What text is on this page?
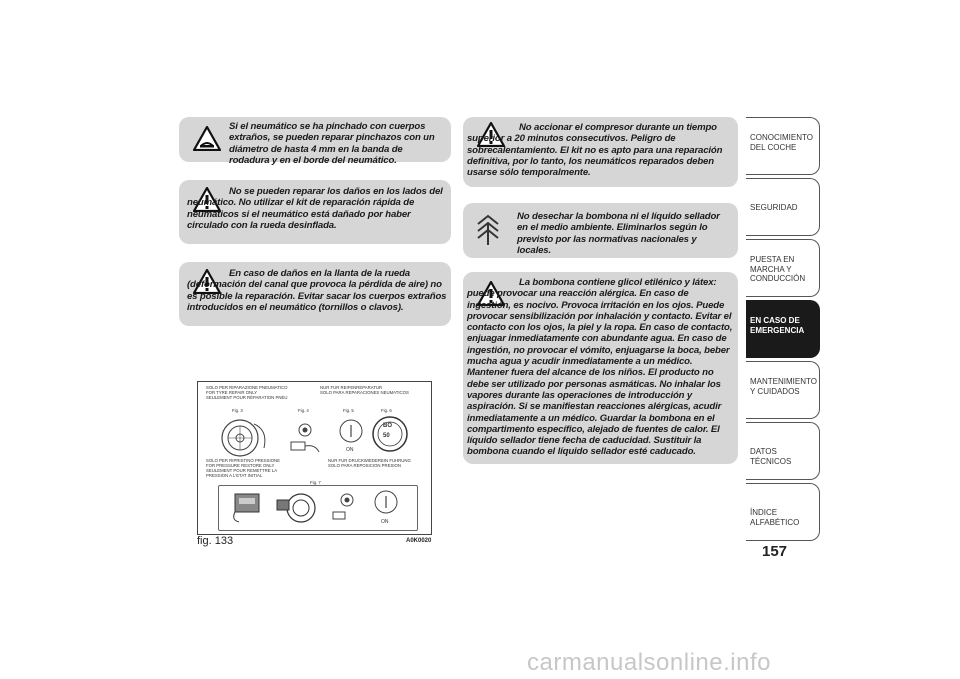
Si el neumático se ha pinchado con cuerpos extraños, se pueden reparar pinchazos con un diámetro de hasta 4 mm en la banda de rodadura y en el borde del neumático.

No se pueden reparar los daños en los lados del neumático. No utilizar el kit de reparación rápida de neumáticos si el neumático está dañado por haber circulado con la rueda desinflada.

En caso de daños en la llanta de la rueda (deformación del canal que provoca la pérdida de aire) no es posible la reparación. Evitar sacar los cuerpos extraños introducidos en el neumático (tornillos o clavos).

No accionar el compresor durante un tiempo superior a 20 minutos consecutivos. Peligro de sobrecalentamiento. El kit no es apto para una reparación definitiva, por lo tanto, los neumáticos reparados deben usarse sólo temporalmente.

No desechar la bombona ni el líquido sellador en el medio ambiente. Eliminarlos según lo previsto por las normativas nacionales y locales.

La bombona contiene glicol etilénico y látex: puede provocar una reacción alérgica. En caso de ingestión, es nocivo. Provoca irritación en los ojos. Puede provocar sensibilización por inhalación y contacto. Evitar el contacto con los ojos, la piel y la ropa. En caso de contacto, enjuagar inmediatamente con abundante agua. En caso de ingestión, no provocar el vómito, enjuagarse la boca, beber mucha agua y acudir inmediatamente a un médico. Mantener fuera del alcance de los niños. El producto no debe ser utilizado por personas asmáticas. No inhalar los vapores durante las operaciones de introducción y aspiración. Si se manifiestan reacciones alérgicas, acudir inmediatamente a un médico. Guardar la bombona en el compartimento específico, alejado de fuentes de calor. El líquido sellador tiene fecha de caducidad. Sustituir la bombona cuando el líquido sellador esté caducado.

SOLO PER RIPARAZIONE PNEUMATICO
FOR TYRE REPAIR ONLY
SEULEMENT POUR RÉPARATION PNEU
NUR FUR REIFENREPARATUR
SOLO PARA REPARACIONES NEUMATICOS
Fig. 3	Fig. 4	Fig. 5	Fig. 6
ON
BO
50
SOLO PER RIPRISTINO PRESSIONE
FOR PRESSURE RESTORE ONLY
SEULEMENT POUR REMETTRE LA
PRESSION A L'ETAT INITIAL
NUR FUR DRUCKWIEDEREIN FUHRUNG
SOLO PARA REPOSICION PRESION
Fig. 7
ON
fig. 133	A0K0020
CONOCIMIENTO DEL COCHE
SEGURIDAD
PUESTA EN MARCHA Y CONDUCCIÓN
EN CASO DE EMERGENCIA
MANTENIMIENTO Y CUIDADOS
DATOS TÉCNICOS
ÍNDICE ALFABÉTICO
157
carmanualsonline.info
